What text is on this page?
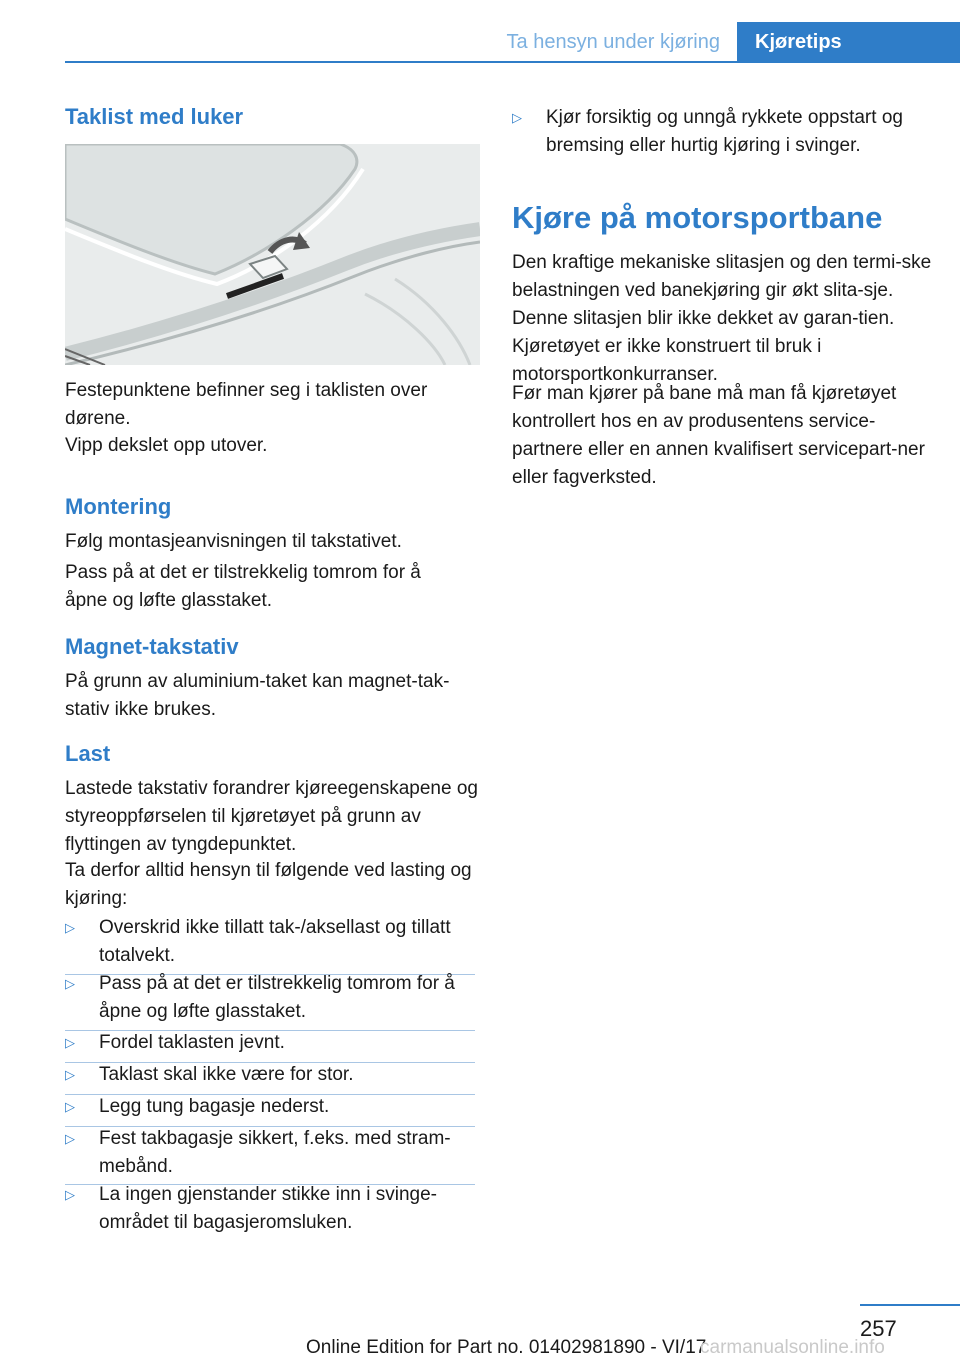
Ta hensyn under kjøring	Kjøretips
Taklist med luker

Festepunktene befinner seg i taklisten over dørene.

Vipp dekslet opp utover.

Montering

Følg montasjeanvisningen til takstativet.

Pass på at det er tilstrekkelig tomrom for å åpne og løfte glasstaket.

Magnet-takstativ

På grunn av aluminium-taket kan magnet-tak-stativ ikke brukes.

Last

Lastede takstativ forandrer kjøreegenskapene og styreoppførselen til kjøretøyet på grunn av flyttingen av tyngdepunktet.

Ta derfor alltid hensyn til følgende ved lasting og kjøring:

▷ Overskrid ikke tillatt tak-/aksellast og tillatt totalvekt.
▷ Pass på at det er tilstrekkelig tomrom for å åpne og løfte glasstaket.
▷ Fordel taklasten jevnt.
▷ Taklast skal ikke være for stor.
▷ Legg tung bagasje nederst.
▷ Fest takbagasje sikkert, f.eks. med stram-mebånd.
▷ La ingen gjenstander stikke inn i svinge-området til bagasjeromsluken.
▷ Kjør forsiktig og unngå rykkete oppstart og bremsing eller hurtig kjøring i svinger.
Kjøre på motorsportbane

Den kraftige mekaniske slitasjen og den termi-ske belastningen ved banekjøring gir økt slita-sje. Denne slitasjen blir ikke dekket av garan-tien. Kjøretøyet er ikke konstruert til bruk i motorsportkonkurranser.

Før man kjører på bane må man få kjøretøyet kontrollert hos en av produsentens service-partnere eller en annen kvalifisert servicepart-ner eller fagverksted.

257
Online Edition for Part no. 01402981890 - VI/17
carmanualsonline.info
